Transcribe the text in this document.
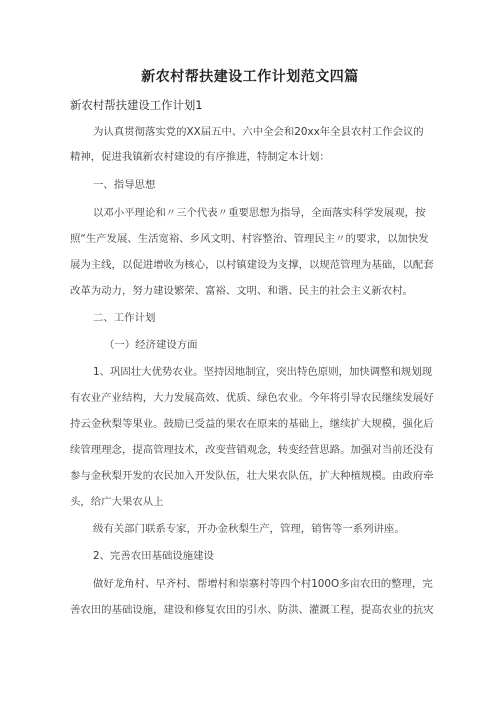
新农村帮扶建设工作计划范文四篇
新农村帮扶建设工作计划1
为认真贯彻落实党的XX届五中、六中全会和20xx年全县农村工作会议的
精神，促进我镇新农村建设的有序推进，特制定本计划：
一、指导思想
以邓小平理论和〃三个代表〃重要思想为指导，全面落实科学发展观，按
照“生产发展、生活宽裕、乡风文明、村容整治、管理民主〃的要求，以加快发
展为主线，以促进增收为核心，以村镇建设为支撑，以规范管理为基础，以配套
改革为动力，努力建设繁荣、富裕、文明、和谐、民主的社会主义新农村。
二、工作计划
（一）经济建设方面
1、巩固壮大优势农业。坚持因地制宜，突出特色原则，加快调整和规划现
有农业产业结构，大力发展高效、优质、绿色农业。今年将引导农民继续发展好
持云金秋梨等果业。鼓励已受益的果农在原来的基础上，继续扩大规模，强化后
续管理理念，提高管理技术，改变营销观念，转变经营思路。加强对当前还没有
参与金秋梨开发的农民加入开发队伍，壮大果农队伍，扩大种植规模。由政府牵
头，给广大果农从上
级有关部门联系专家，开办金秋梨生产，管理，销售等一系列讲座。
2、完善农田基础设施建设
做好龙角村、早齐村、帮增村和崇寨村等四个村100O多亩农田的整理，完
善农田的基础设施，建设和修复农田的引水、防洪、灌溉工程，提高农业的抗灾
